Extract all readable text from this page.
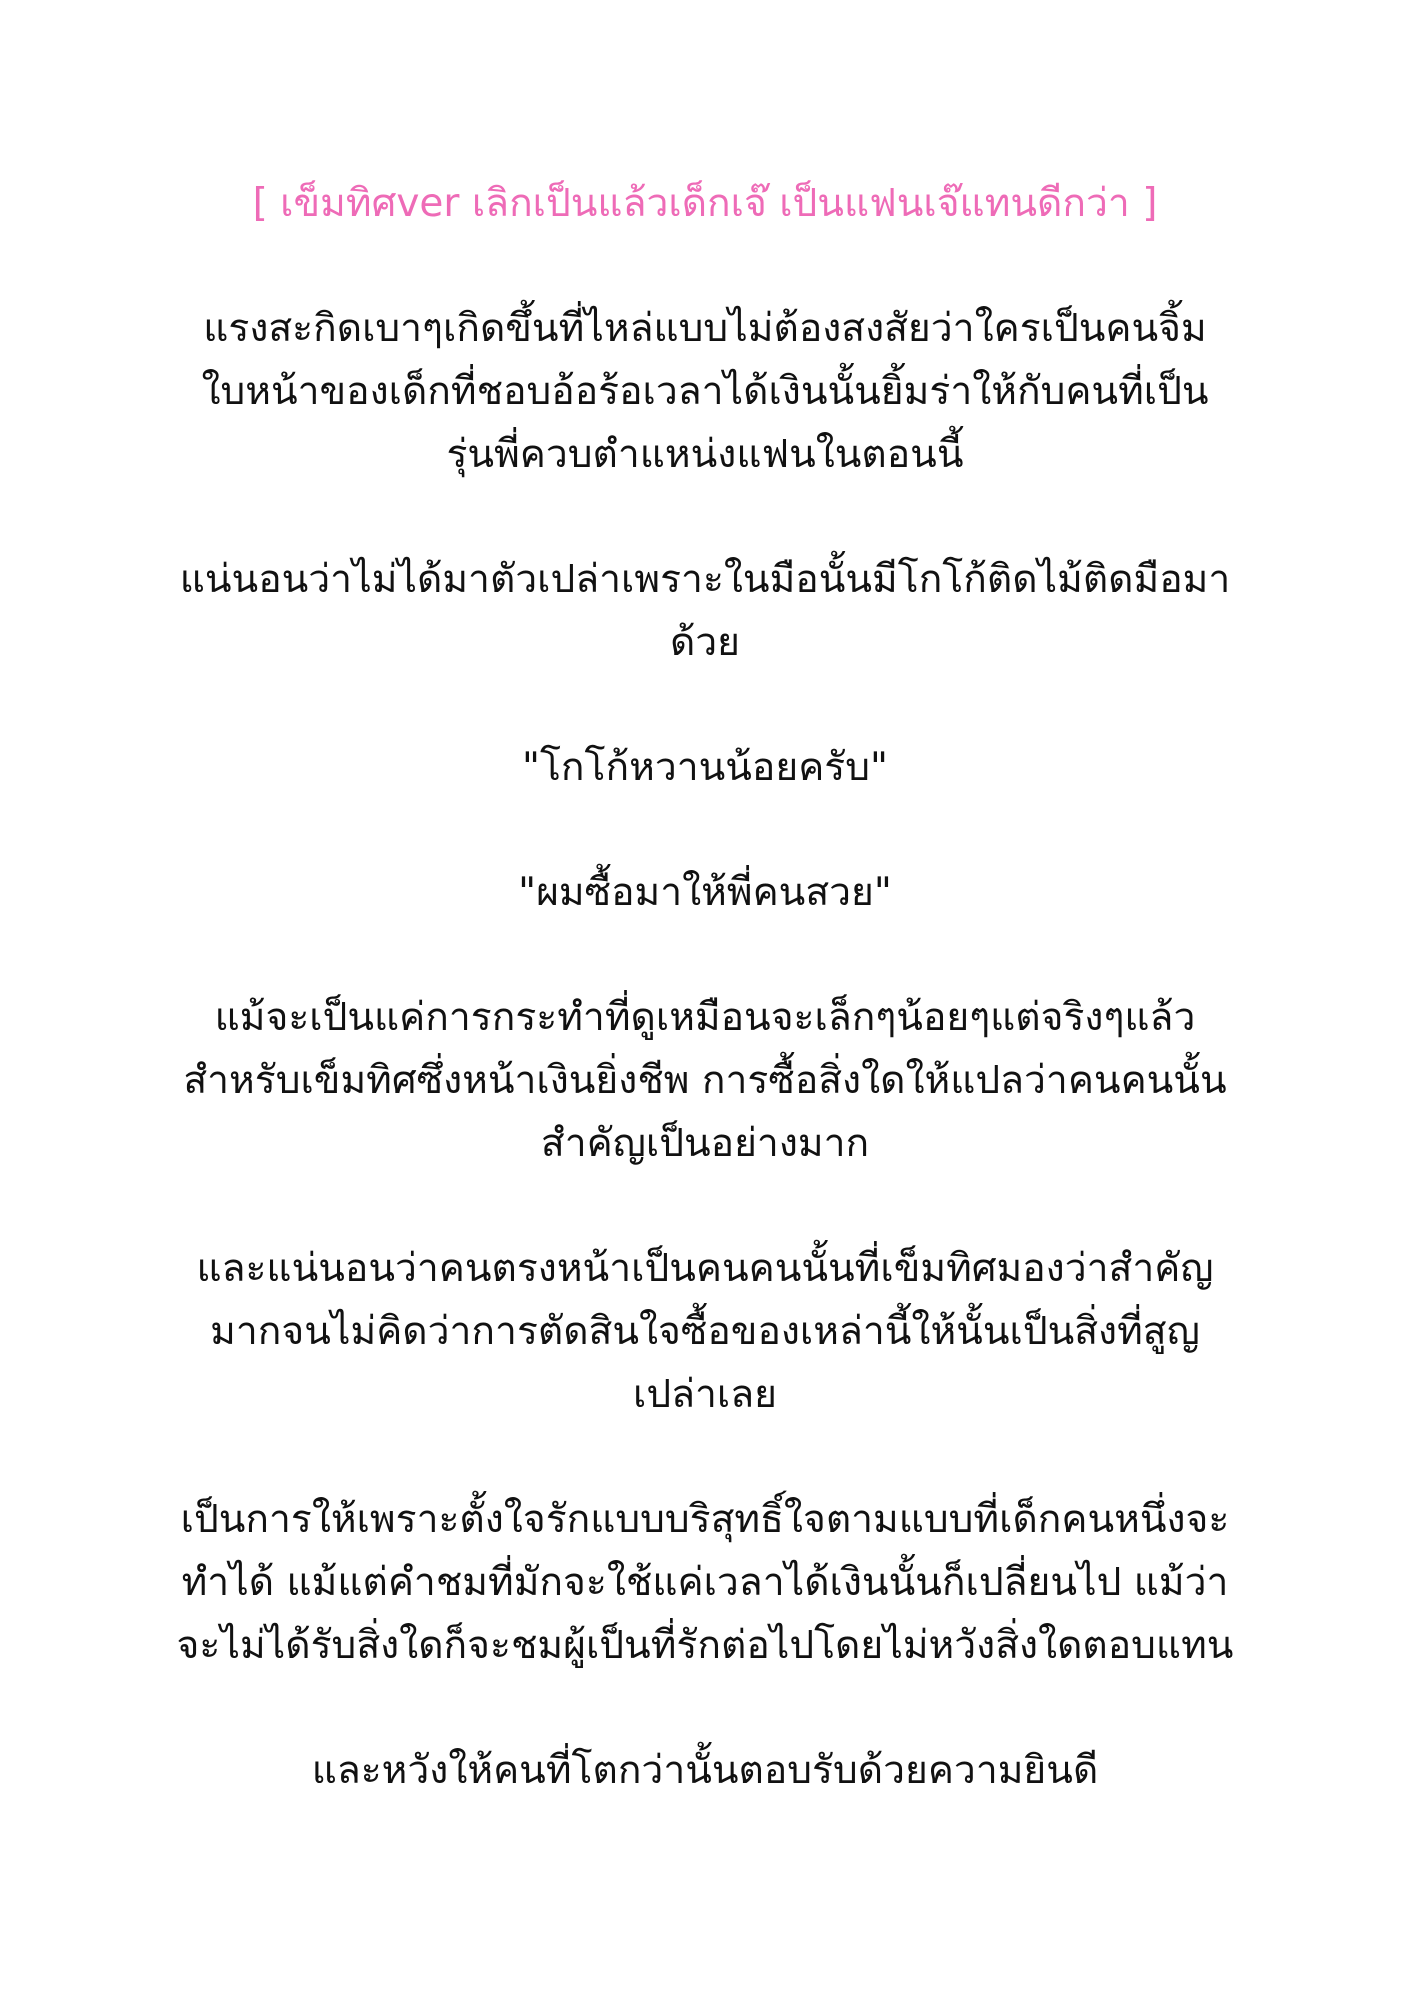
[ เข็มทิศver เลิกเป็นแล้วเด็กเจ๊ เป็นแฟนเจ๊แทนดีกว่า ]
แรงสะกิดเบาๆเกิดขึ้นที่ไหล่แบบไม่ต้องสงสัยว่าใครเป็นคนจิ้ม
ใบหน้าของเด็กที่ชอบอ้อร้อเวลาได้เงินนั้นยิ้มร่าให้กับคนที่เป็น
รุ่นพี่ควบตำแหน่งแฟนในตอนนี้
แน่นอนว่าไม่ได้มาตัวเปล่าเพราะในมือนั้นมีโกโก้ติดไม้ติดมือมา
ด้วย
"โกโก้หวานน้อยครับ"
"ผมซื้อมาให้พี่คนสวย"
แม้จะเป็นแค่การกระทำที่ดูเหมือนจะเล็กๆน้อยๆแต่จริงๆแล้ว
สำหรับเข็มทิศซึ่งหน้าเงินยิ่งชีพ การซื้อสิ่งใดให้แปลว่าคนคนนั้น
สำคัญเป็นอย่างมาก
และแน่นอนว่าคนตรงหน้าเป็นคนคนนั้นที่เข็มทิศมองว่าสำคัญ
มากจนไม่คิดว่าการตัดสินใจซื้อของเหล่านี้ให้นั้นเป็นสิ่งที่สูญ
เปล่าเลย
เป็นการให้เพราะตั้งใจรักแบบบริสุทธิ์ใจตามแบบที่เด็กคนหนึ่งจะ
ทำได้ แม้แต่คำชมที่มักจะใช้แค่เวลาได้เงินนั้นก็เปลี่ยนไป แม้ว่า
จะไม่ได้รับสิ่งใดก็จะชมผู้เป็นที่รักต่อไปโดยไม่หวังสิ่งใดตอบแทน
และหวังให้คนที่โตกว่านั้นตอบรับด้วยความยินดี
